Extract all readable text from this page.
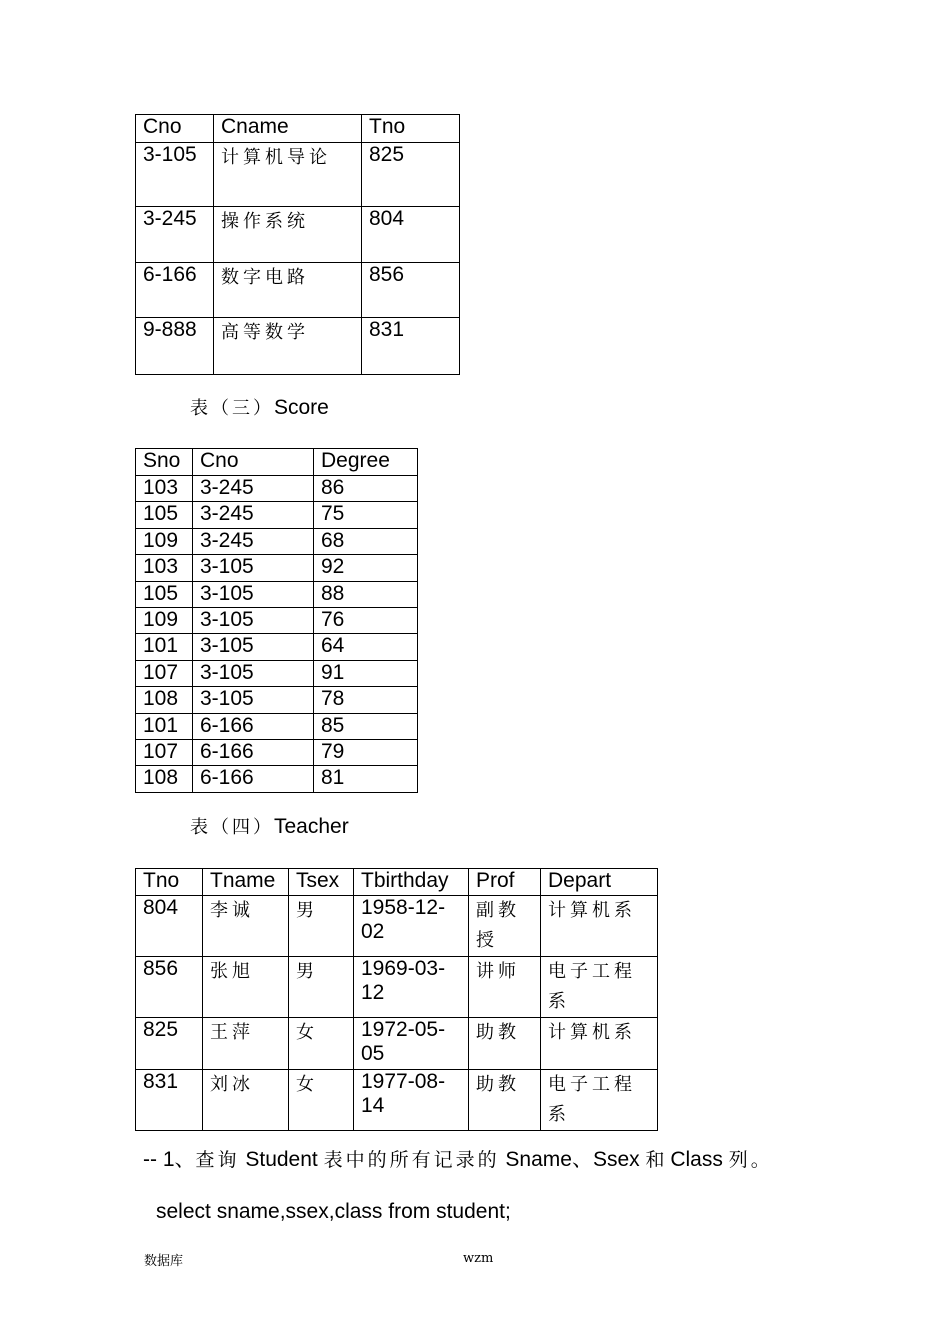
Cno	Cname	Tno
3-105	计算机导论	825
3-245	操作系统	804
6-166	数字电路	856
9-888	高等数学	831
表（三）Score
Sno	Cno	Degree
103	3-245	86
105	3-245	75
109	3-245	68
103	3-105	92
105	3-105	88
109	3-105	76
101	3-105	64
107	3-105	91
108	3-105	78
101	6-166	85
107	6-166	79
108	6-166	81
表（四）Teacher
Tno	Tname	Tsex	Tbirthday	Prof	Depart
804	李诚	男	1958-12-02	副教授	计算机系
856	张旭	男	1969-03-12	讲师	电子工程系
825	王萍	女	1972-05-05	助教	计算机系
831	刘冰	女	1977-08-14	助教	电子工程系
-- 1、查询 Student 表中的所有记录的 Sname、Ssex 和 Class 列。
select sname,ssex,class from student;
数据库	wzm
